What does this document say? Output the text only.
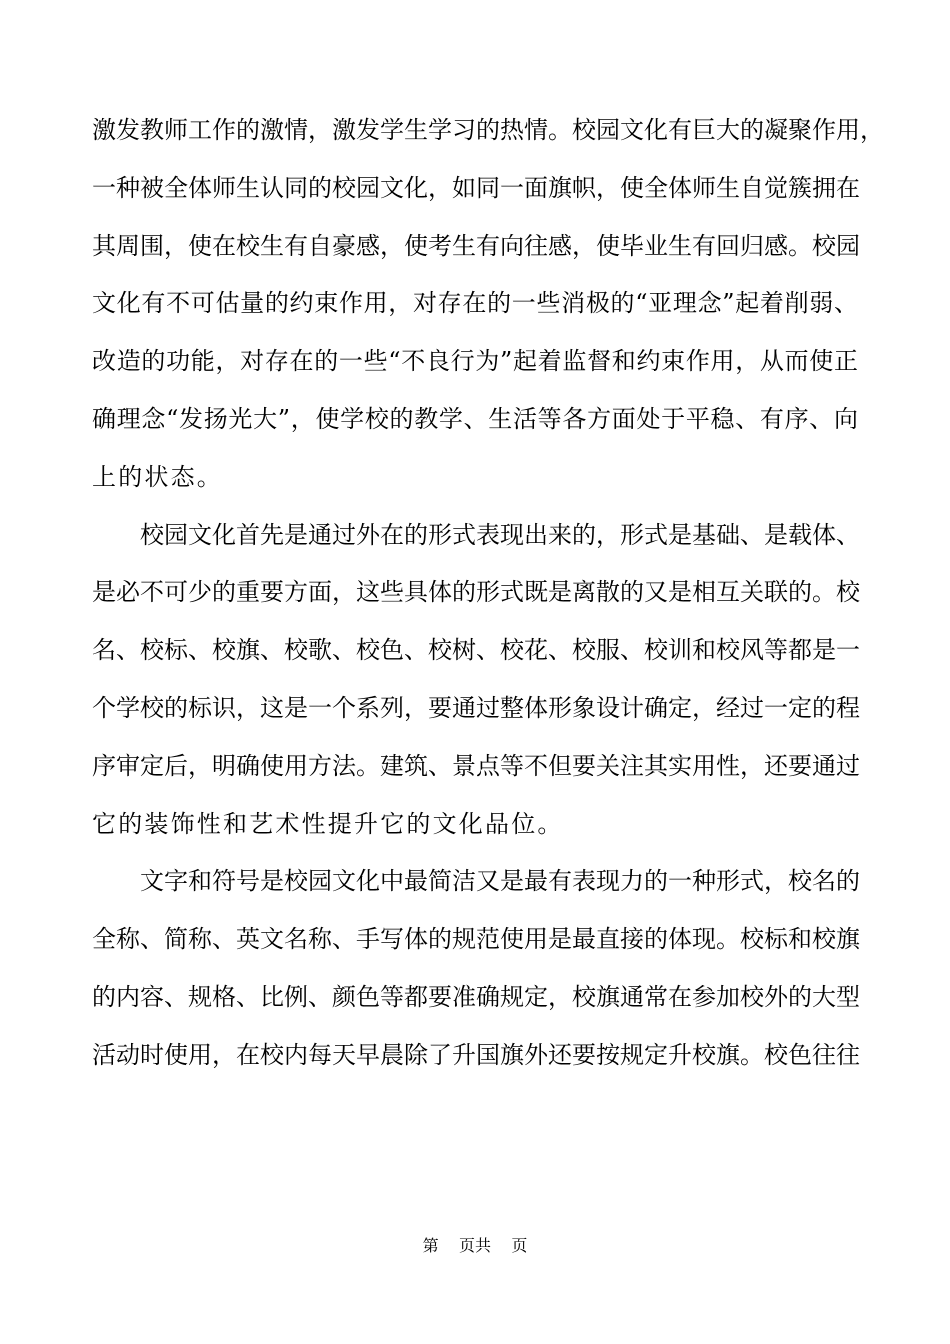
激发教师工作的激情，激发学生学习的热情。校园文化有巨大的凝聚作用，
一种被全体师生认同的校园文化，如同一面旗帜，使全体师生自觉簇拥在
其周围，使在校生有自豪感，使考生有向往感，使毕业生有回归感。校园
文化有不可估量的约束作用，对存在的一些消极的“亚理念”起着削弱、
改造的功能，对存在的一些“不良行为”起着监督和约束作用，从而使正
确理念“发扬光大”，使学校的教学、生活等各方面处于平稳、有序、向
上的状态。
校园文化首先是通过外在的形式表现出来的，形式是基础、是载体、
是必不可少的重要方面，这些具体的形式既是离散的又是相互关联的。校
名、校标、校旗、校歌、校色、校树、校花、校服、校训和校风等都是一
个学校的标识，这是一个系列，要通过整体形象设计确定，经过一定的程
序审定后，明确使用方法。建筑、景点等不但要关注其实用性，还要通过
它的装饰性和艺术性提升它的文化品位。
文字和符号是校园文化中最简洁又是最有表现力的一种形式，校名的
全称、简称、英文名称、手写体的规范使用是最直接的体现。校标和校旗
的内容、规格、比例、颜色等都要准确规定，校旗通常在参加校外的大型
活动时使用，在校内每天早晨除了升国旗外还要按规定升校旗。校色往往
第    页共    页
